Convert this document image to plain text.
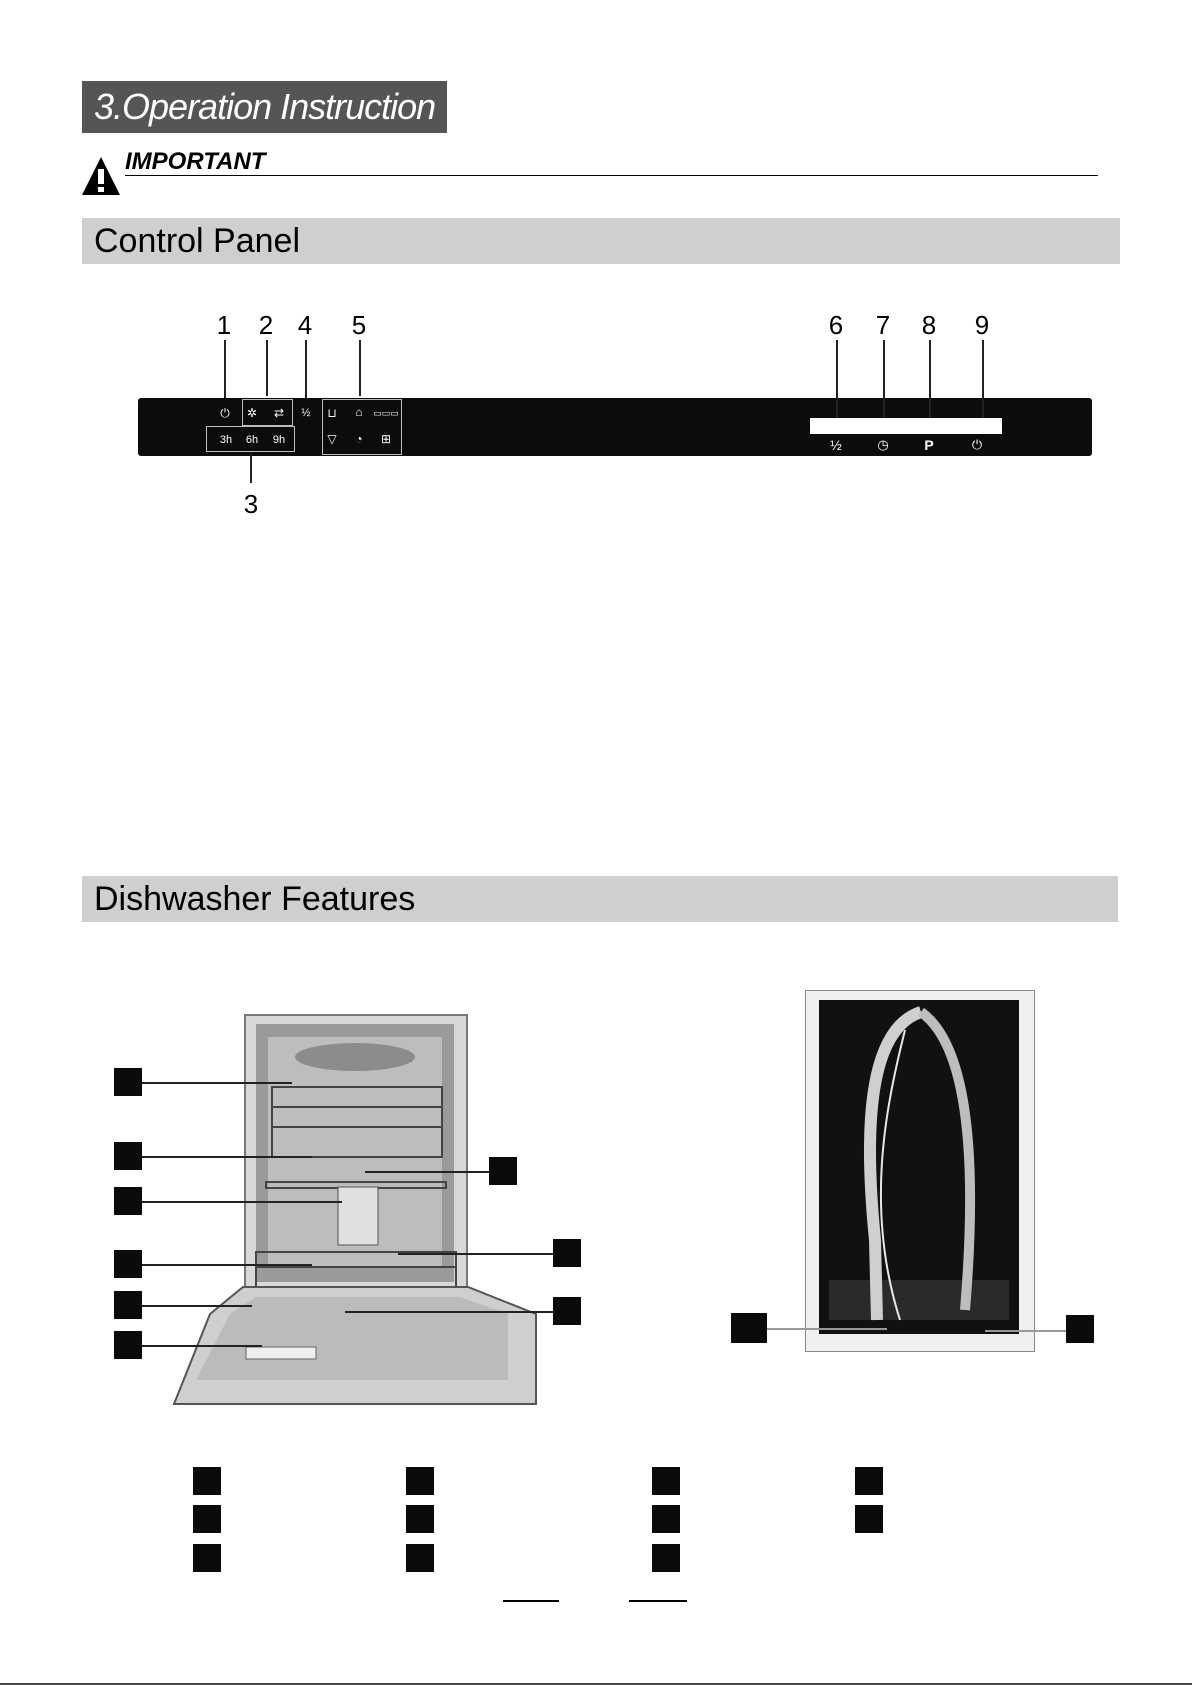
3.Operation Instruction
IMPORTANT
Control Panel
1 2 4 5	6 7 8 9
⏻ ✲ ⇄ ½ ⊔ ⌂ ▭▭▭
3h 6h 9h	▽ ◔ ⊞
3
½	◷	P	⏻
Dishwasher Features
